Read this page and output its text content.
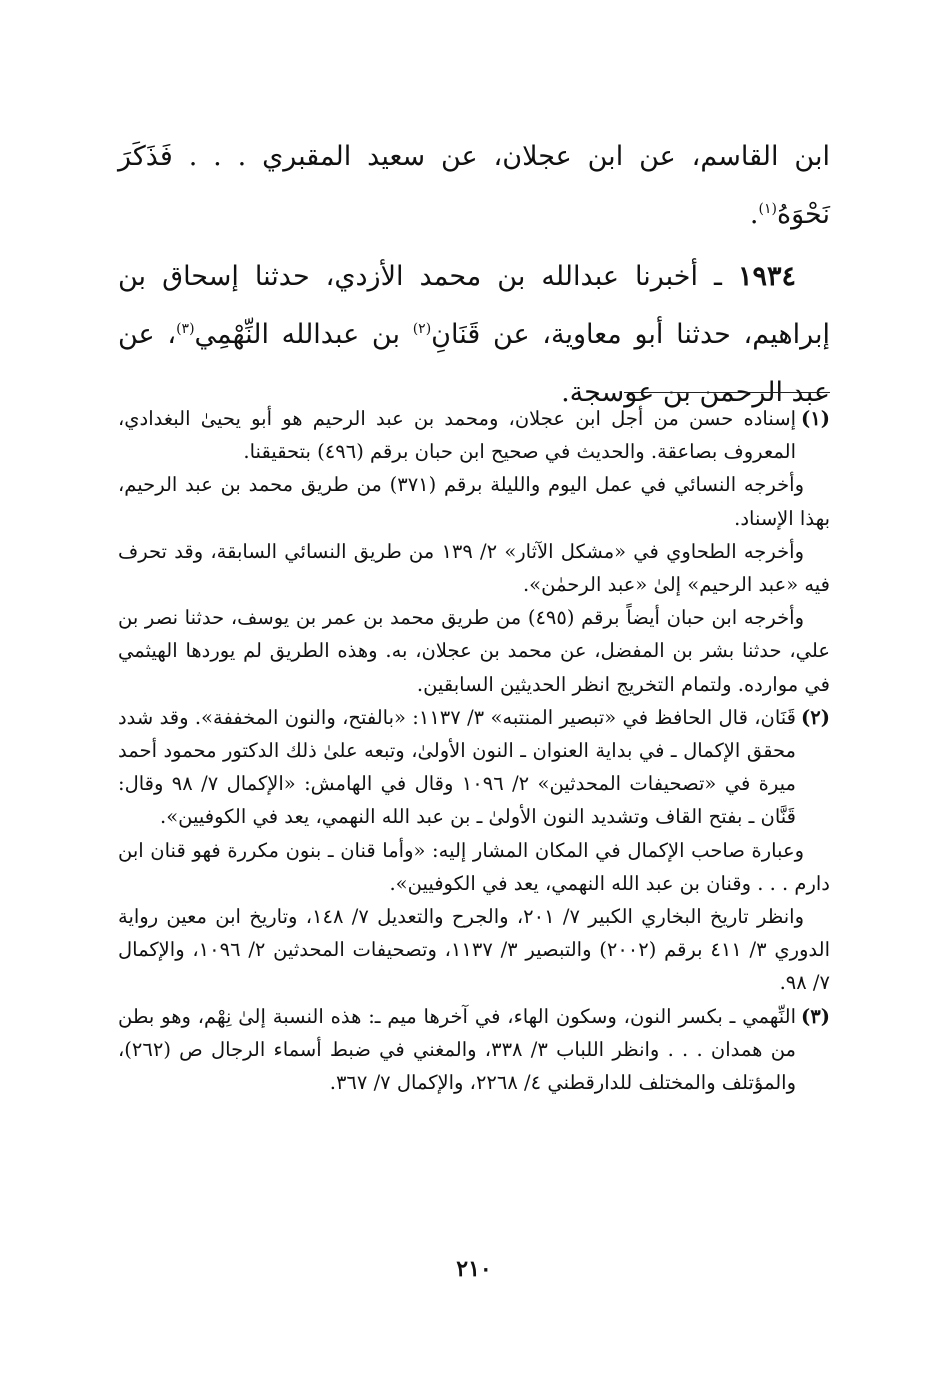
ابن القاسم، عن ابن عجلان، عن سعيد المقبري . . . فَذَكَرَ نَحْوَهُ$^{(١)}$.

١٩٣٤ ـ أخبرنا عبدالله بن محمد الأزدي، حدثنا إسحاق بن إبراهيم، حدثنا أبو معاوية، عن قَنَانِ$^{(٢)}$ بن عبدالله النِّهْمِي$^{(٣)}$، عن عبد الرحمن بن عوسجة.

(١)إسناده حسن من أجل ابن عجلان، ومحمد بن عبد الرحيم هو أبو يحيىٰ البغدادي، المعروف بصاعقة. والحديث في صحيح ابن حبان برقم (٤٩٦) بتحقيقنا.

وأخرجه النسائي في عمل اليوم والليلة برقم (٣٧١) من طريق محمد بن عبد الرحيم، بهذا الإسناد.

وأخرجه الطحاوي في «مشكل الآثار» ٢/ ١٣٩ من طريق النسائي السابقة، وقد تحرف فيه «عبد الرحيم» إلىٰ «عبد الرحمٰن».

وأخرجه ابن حبان أيضاً برقم (٤٩٥) من طريق محمد بن عمر بن يوسف، حدثنا نصر بن علي، حدثنا بشر بن المفضل، عن محمد بن عجلان، به. وهذه الطريق لم يوردها الهيثمي في موارده. ولتمام التخريج انظر الحديثين السابقين.

(٢)قَنَان، قال الحافظ في «تبصير المنتبه» ٣/ ١١٣٧: «بالفتح، والنون المخففة». وقد شدد محقق الإكمال ـ في بداية العنوان ـ النون الأولىٰ، وتبعه علىٰ ذلك الدكتور محمود أحمد ميرة في «تصحيفات المحدثين» ٢/ ١٠٩٦ وقال في الهامش: «الإكمال ٧/ ٩٨ وقال: قَنَّان ـ بفتح القاف وتشديد النون الأولىٰ ـ بن عبد الله النهمي، يعد في الكوفيين».

وعبارة صاحب الإكمال في المكان المشار إليه: «وأما قنان ـ بنون مكررة فهو قنان ابن دارم . . . وقنان بن عبد الله النهمي، يعد في الكوفيين».

وانظر تاريخ البخاري الكبير ٧/ ٢٠١، والجرح والتعديل ٧/ ١٤٨، وتاريخ ابن معين رواية الدوري ٣/ ٤١١ برقم (٢٠٠٢) والتبصير ٣/ ١١٣٧، وتصحيفات المحدثين ٢/ ١٠٩٦، والإكمال ٧/ ٩٨.

(٣)النِّهمي ـ بكسر النون، وسكون الهاء، في آخرها ميم ـ: هذه النسبة إلىٰ نِهْم، وهو بطن من همدان . . . وانظر اللباب ٣/ ٣٣٨، والمغني في ضبط أسماء الرجال ص (٢٦٢)، والمؤتلف والمختلف للدارقطني ٤/ ٢٢٦٨، والإكمال ٧/ ٣٦٧.

٢١٠
